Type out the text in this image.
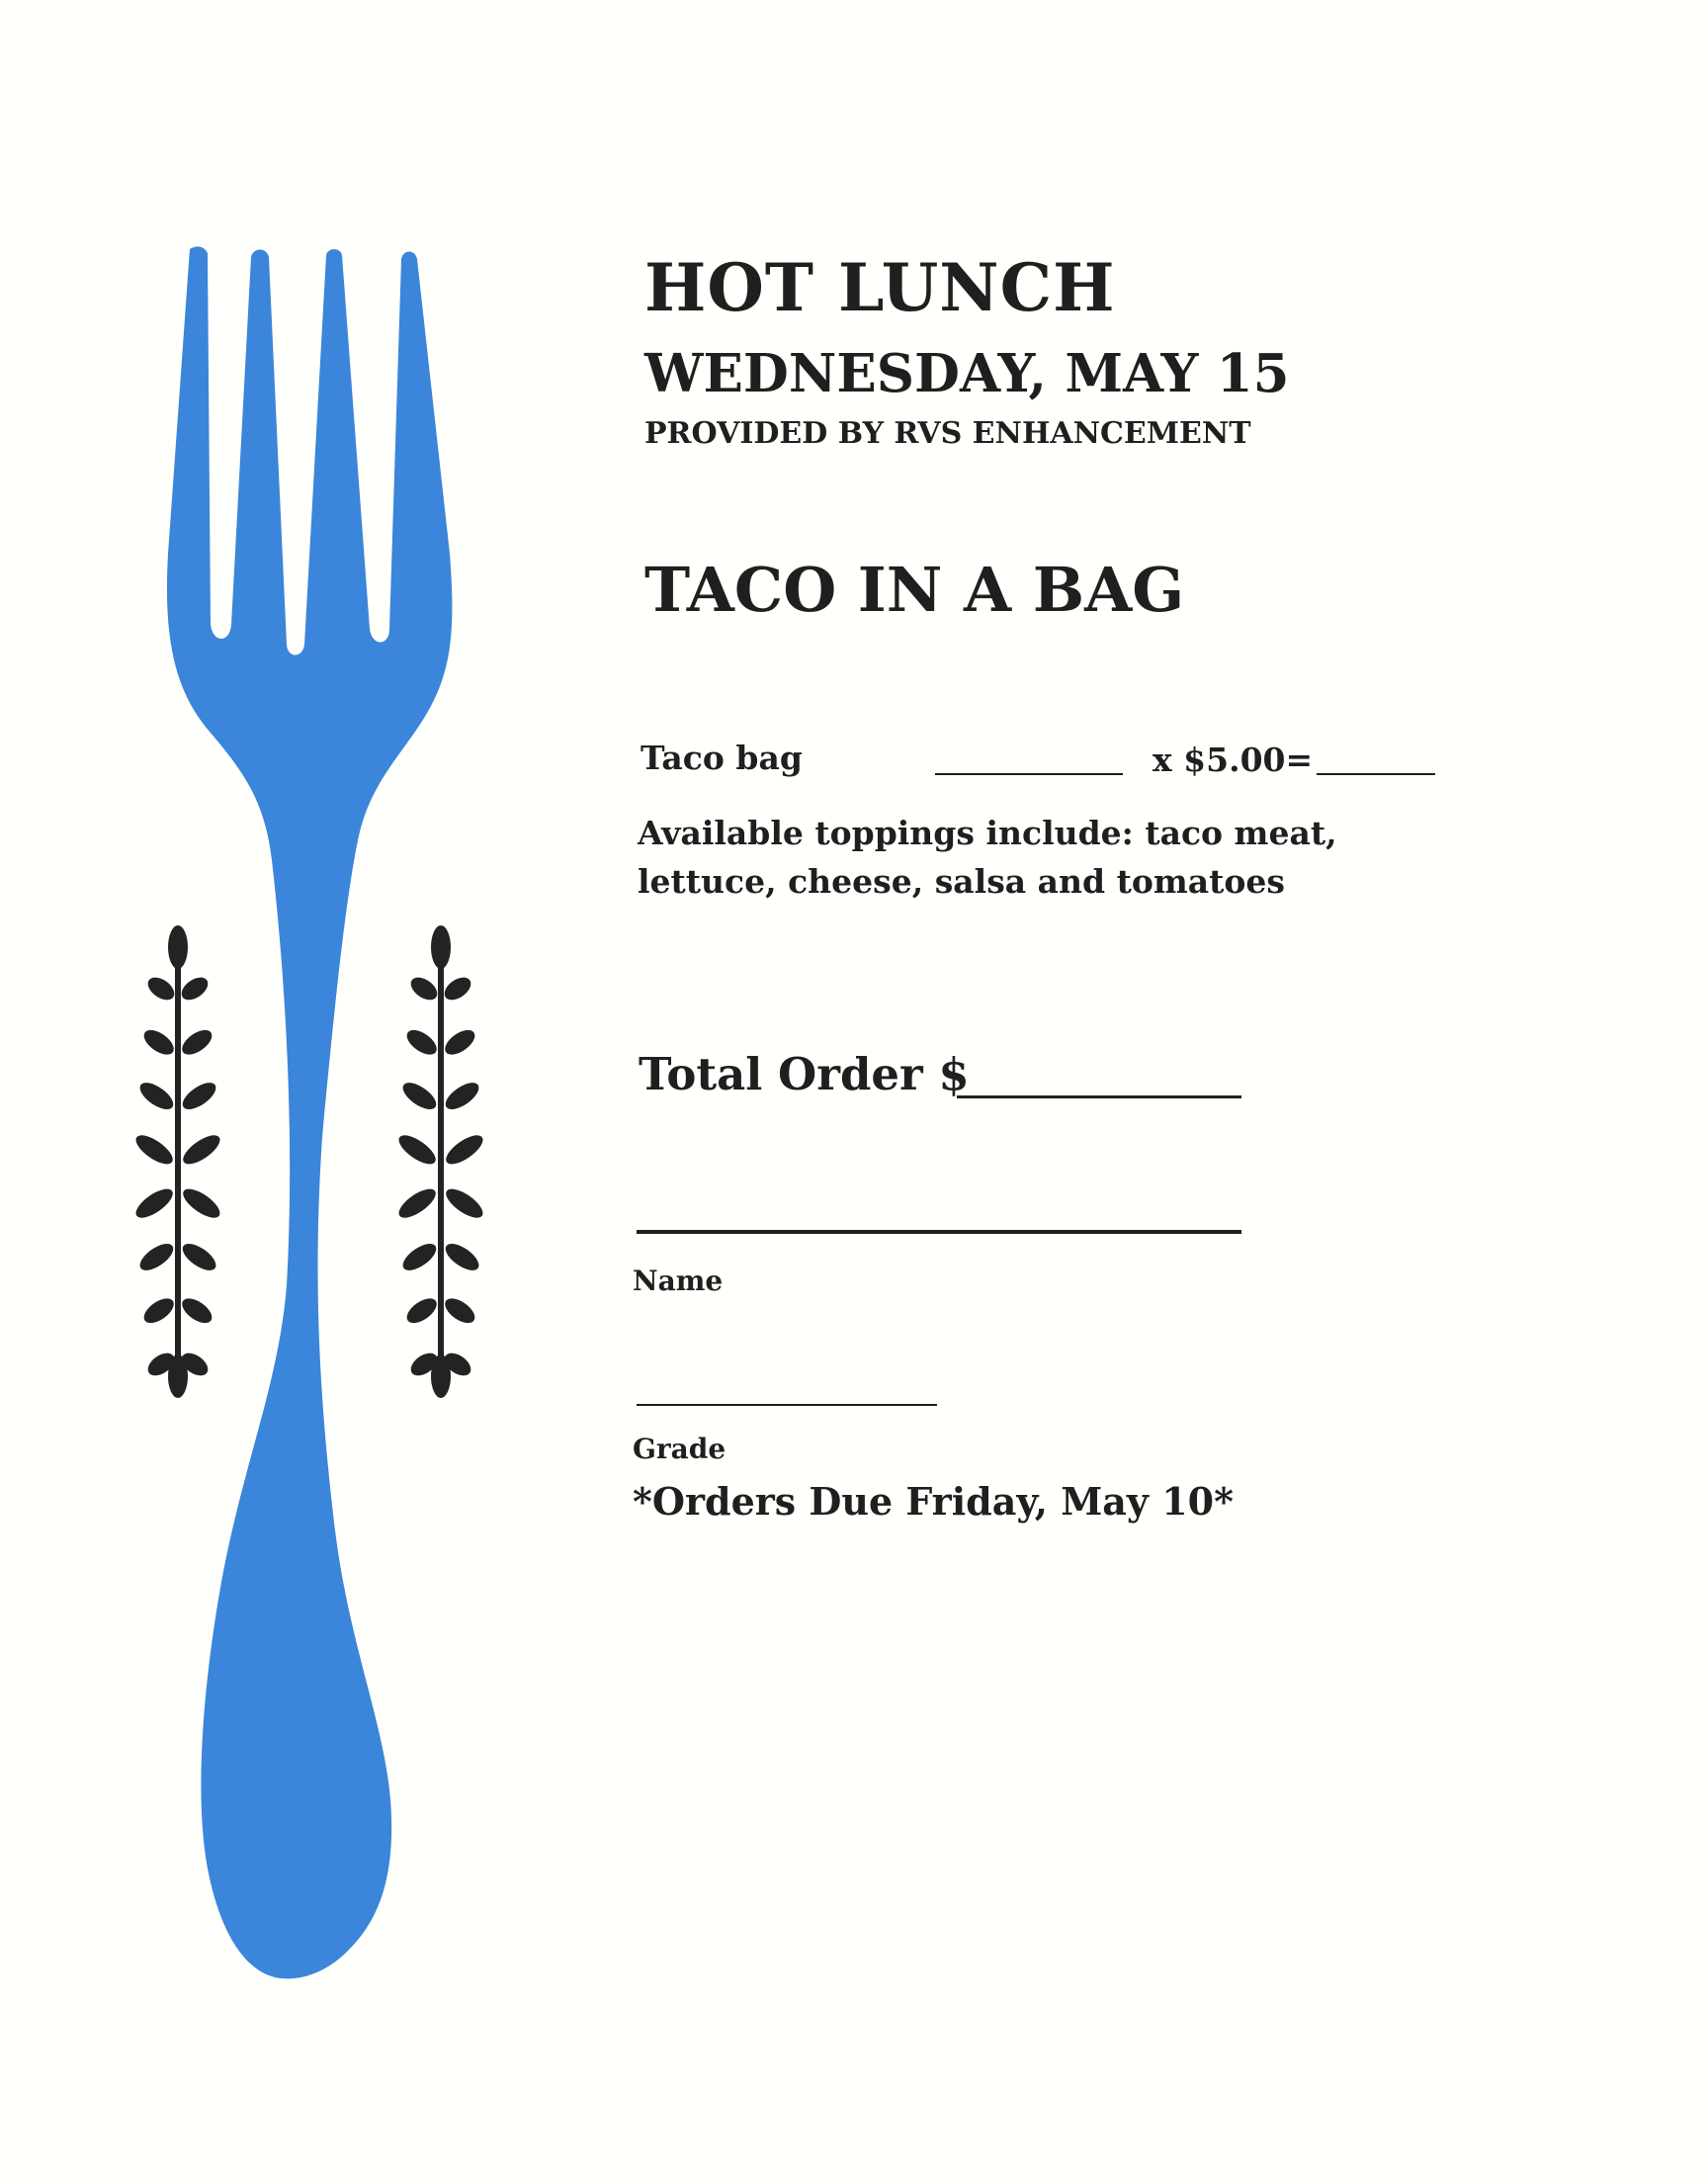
HOT LUNCH
WEDNESDAY, MAY 15
PROVIDED BY RVS ENHANCEMENT
TACO IN A BAG
Taco bag	x $5.00=
Available toppings include: taco meat, lettuce, cheese, salsa and tomatoes
Total Order $
Name
Grade
*Orders Due Friday, May 10*
